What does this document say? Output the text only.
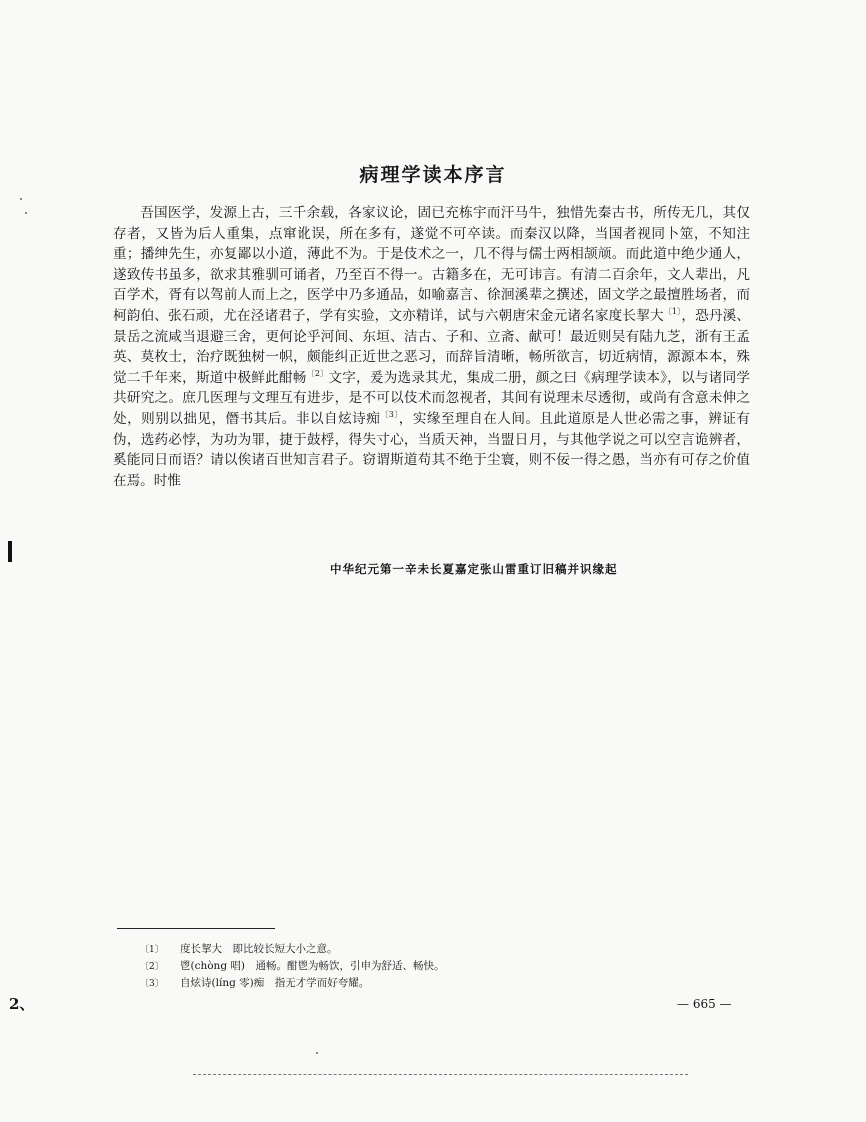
病理学读本序言

吾国医学，发源上古，三千余载，各家议论，固已充栋宇而汗马牛，独惜先秦古书，所传无几，其仅存者，又皆为后人重集，点窜讹误，所在多有，遂觉不可卒读。而秦汉以降，当国者视同卜筮，不知注重；播绅先生，亦复鄙以小道，薄此不为。于是伎术之一，几不得与儒士两相颉颃。而此道中绝少通人，遂致传书虽多，欲求其雅驯可诵者，乃至百不得一。古籍多在，无可讳言。有清二百余年，文人辈出，凡百学术，胥有以驾前人而上之，医学中乃多通品，如喻嘉言、徐洄溪辈之撰述，固文学之最擅胜场者，而柯韵伯、张石顽，尤在泾诸君子，学有实验，文亦精详，试与六朝唐宋金元诸名家度长挈大$^{〔1〕}$，恐丹溪、景岳之流咸当退避三舍，更何论乎河间、东垣、洁古、子和、立斋、献可！最近则吴有陆九芝，浙有王孟英、莫枚士，治疗既独树一帜，颇能纠正近世之恶习，而辞旨清晰，畅所欲言，切近病情，源源本本，殊觉二千年来，斯道中极鲜此酣畅$^{〔2〕}$文字，爰为选录其尤，集成二册，颜之曰《病理学读本》，以与诸同学共研究之。庶几医理与文理互有进步，是不可以伎术而忽视者，其间有说理未尽透彻，或尚有含意未伸之处，则别以拙见，僭书其后。非以自炫诗痴$^{〔3〕}$，实缘至理自在人间。且此道原是人世必需之事，辨证有伪，选药必悖，为功为罪，捷于鼓桴，得失寸心，当质天神，当盟日月，与其他学说之可以空言诡辨者，奚能同日而语？请以俟诸百世知言君子。窃谓斯道苟其不绝于尘寰，则不佞一得之愚，当亦有可存之价值在焉。时惟

中华纪元第一辛未长夏嘉定张山雷重订旧稿并识缘起
〔1〕 度长挈大　即比较长短大小之意。
〔2〕 鬯(chòng 唱)　通畅。酣鬯为畅饮，引申为舒适、畅快。
〔3〕 自炫诗(líng 零)痴　指无才学而好夸耀。
— 665 —
2、
